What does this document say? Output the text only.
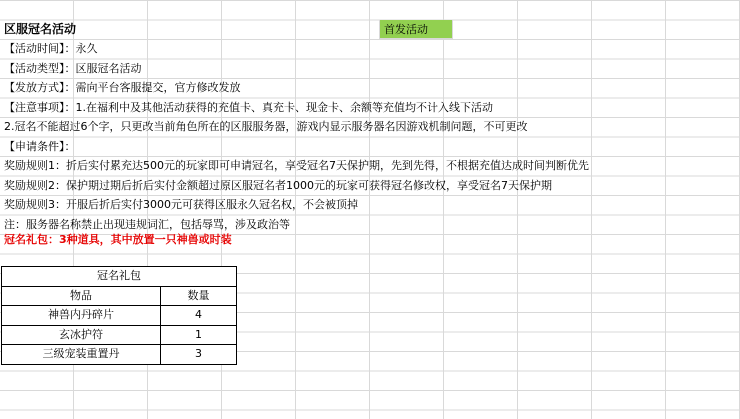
区服冠名活动	首发活动
【活动时间】：永久
【活动类型】：区服冠名活动
【发放方式】：需向平台客服提交，官方修改发放
【注意事项】：1.在福利中及其他活动获得的充值卡、真充卡、现金卡、余额等充值均不计入线下活动
2.冠名不能超过6个字，只更改当前角色所在的区服服务器，游戏内显示服务器名因游戏机制问题，不可更改
【申请条件】：
奖励规则1：折后实付累充达500元的玩家即可申请冠名，享受冠名7天保护期，先到先得，不根据充值达成时间判断优先
奖励规则2：保护期过期后折后实付金额超过原区服冠名者1000元的玩家可获得冠名修改权，享受冠名7天保护期
奖励规则3：开服后折后实付3000元可获得区服永久冠名权，不会被顶掉
注：服务器名称禁止出现违规词汇，包括辱骂，涉及政治等
冠名礼包：3种道具，其中放置一只神兽或时装
冠名礼包	
物品	数量
神兽内丹碎片	4
玄冰护符	1
三级宠装重置丹	3
